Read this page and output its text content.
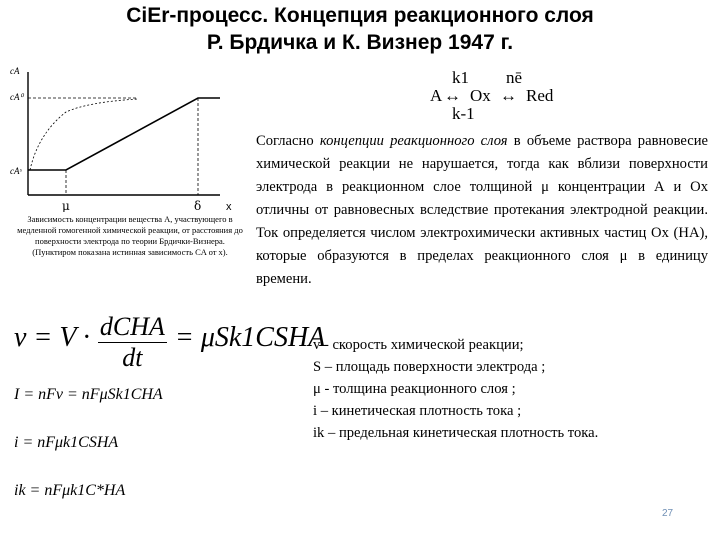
CiEr-процесс. Концепция реакционного слоя
Р. Брдичка и К. Визнер 1947 г.
cA
cA⁰
cAˢ
μ	δ x
Зависимость концентрации вещества А, участвующего в медленной гомогенной химической реакции, от расстояния до поверхности электрода по теории Брдички-Визнера.(Пунктиром показана истинная зависимость CA от x).
k1 nē
A ↔ Ox ↔ Red
k-1
Согласно концепции реакционного слоя в объеме раствора равновесие химической реакции не нарушается, тогда как вблизи поверхности электрода в реакционном слое толщиной μ концентрации А и Ох отличны от равновесных вследствие протекания электродной реакции. Ток определяется числом электрохимически активных частиц Ох (НА), которые образуются в пределах реакционного слоя μ в единицу времени.
v = V · dCHA
dt
= μSk1CSHA
I = nFv = nFμSk1CHA
i = nFμk1CSHA
ik = nFμk1C*HA
v - скорость химической реакции;
S – площадь поверхности электрода ;
μ - толщина реакционного слоя ;
i – кинетическая плотность тока ;
ik – предельная кинетическая плотность тока.
27
